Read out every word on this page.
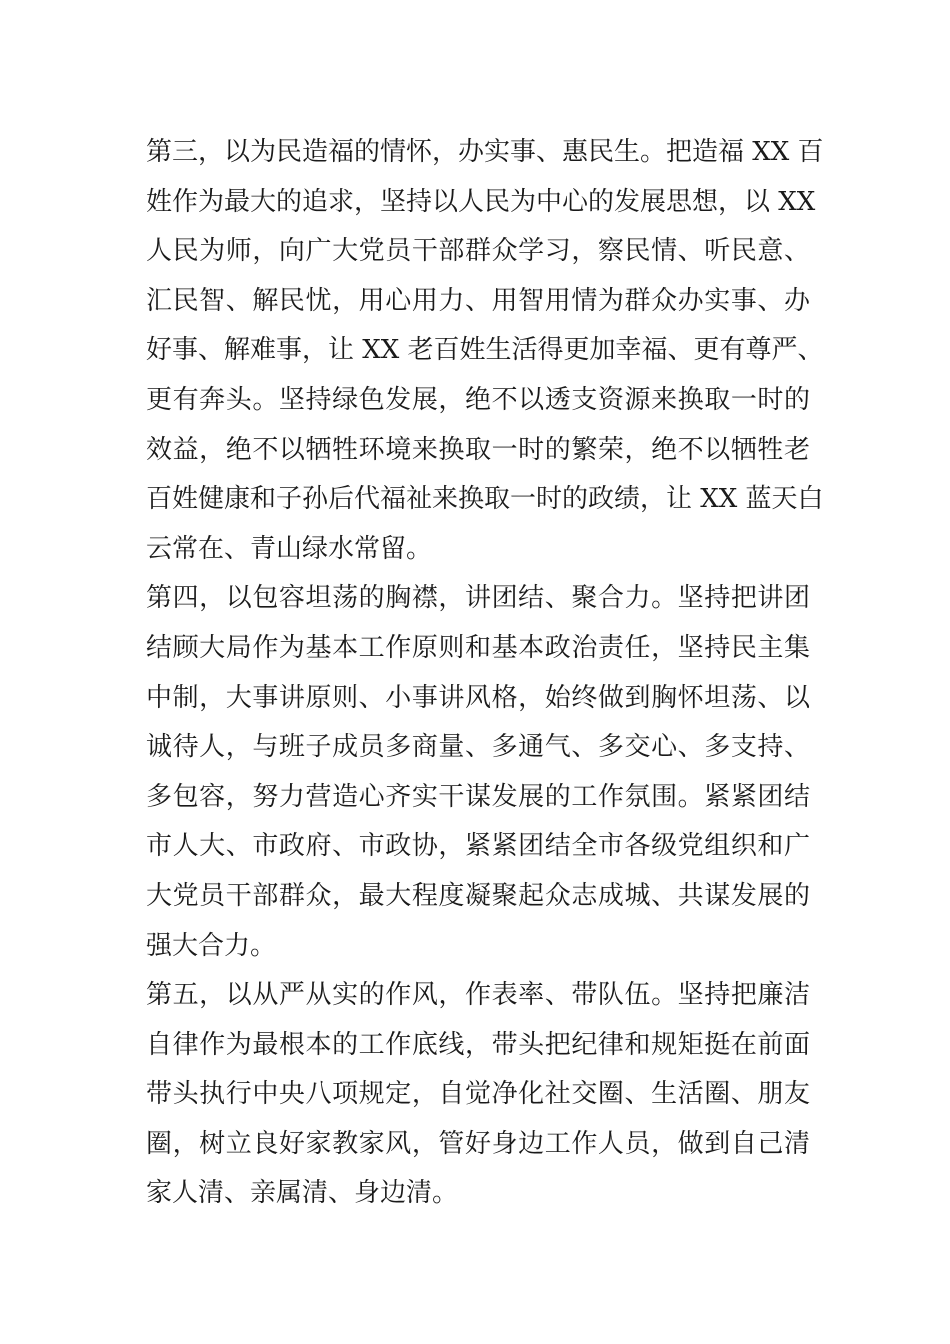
第三，以为民造福的情怀，办实事、惠民生。把造福 XX 百
姓作为最大的追求，坚持以人民为中心的发展思想，以 XX
人民为师，向广大党员干部群众学习，察民情、听民意、
汇民智、解民忧，用心用力、用智用情为群众办实事、办
好事、解难事，让 XX 老百姓生活得更加幸福、更有尊严、
更有奔头。坚持绿色发展，绝不以透支资源来换取一时的
效益，绝不以牺牲环境来换取一时的繁荣，绝不以牺牲老
百姓健康和子孙后代福祉来换取一时的政绩，让 XX 蓝天白
云常在、青山绿水常留。
第四，以包容坦荡的胸襟，讲团结、聚合力。坚持把讲团
结顾大局作为基本工作原则和基本政治责任，坚持民主集
中制，大事讲原则、小事讲风格，始终做到胸怀坦荡、以
诚待人，与班子成员多商量、多通气、多交心、多支持、
多包容，努力营造心齐实干谋发展的工作氛围。紧紧团结
市人大、市政府、市政协，紧紧团结全市各级党组织和广
大党员干部群众，最大程度凝聚起众志成城、共谋发展的
强大合力。
第五，以从严从实的作风，作表率、带队伍。坚持把廉洁
自律作为最根本的工作底线，带头把纪律和规矩挺在前面
带头执行中央八项规定，自觉净化社交圈、生活圈、朋友
圈，树立良好家教家风，管好身边工作人员，做到自己清
家人清、亲属清、身边清。
